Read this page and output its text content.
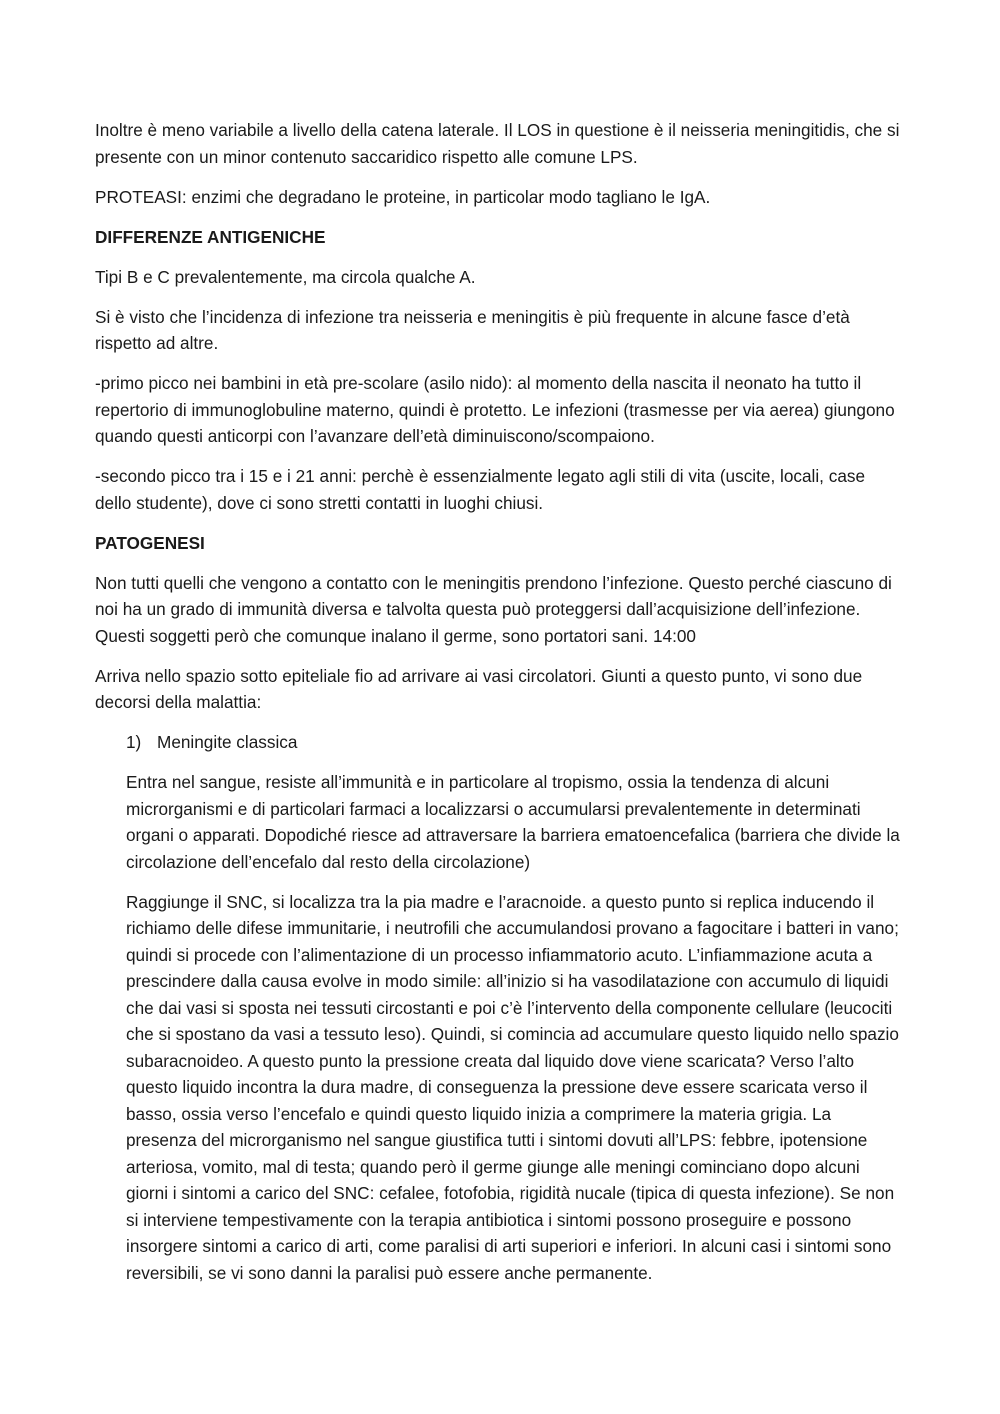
Inoltre è meno variabile a livello della catena laterale. Il LOS in questione è il neisseria meningitidis, che si presente con un minor contenuto saccaridico rispetto alle comune LPS.

PROTEASI: enzimi che degradano le proteine, in particolar modo tagliano le IgA.

DIFFERENZE ANTIGENICHE

Tipi B e C prevalentemente, ma circola qualche A.

Si è visto che l’incidenza di infezione tra neisseria e meningitis è più frequente in alcune fasce d’età rispetto ad altre.

-primo picco nei bambini in età pre-scolare (asilo nido): al momento della nascita il neonato ha tutto il repertorio di immunoglobuline materno, quindi è protetto. Le infezioni (trasmesse per via aerea) giungono quando questi anticorpi con l’avanzare dell’età diminuiscono/scompaiono.

-secondo picco tra i 15 e i 21 anni: perchè è essenzialmente legato agli stili di vita (uscite, locali, case dello studente), dove ci sono stretti contatti in luoghi chiusi.

PATOGENESI

Non tutti quelli che vengono a contatto con le meningitis prendono l’infezione. Questo perché ciascuno di noi ha un grado di immunità diversa e talvolta questa può proteggersi dall’acquisizione dell’infezione. Questi soggetti però che comunque inalano il germe, sono portatori sani. 14:00

Arriva nello spazio sotto epiteliale fio ad arrivare ai vasi circolatori. Giunti a questo punto, vi sono due decorsi della malattia:

1) Meningite classica

Entra nel sangue, resiste all’immunità e in particolare al tropismo, ossia la tendenza di alcuni microrganismi e di particolari farmaci a localizzarsi o accumularsi prevalentemente in determinati organi o apparati. Dopodiché riesce ad attraversare la barriera ematoencefalica (barriera che divide la circolazione dell’encefalo dal resto della circolazione)

Raggiunge il SNC, si localizza tra la pia madre e l’aracnoide. a questo punto si replica inducendo il richiamo delle difese immunitarie, i neutrofili che accumulandosi provano a fagocitare i batteri in vano; quindi si procede con l’alimentazione di un processo infiammatorio acuto. L’infiammazione acuta a prescindere dalla causa evolve in modo simile: all’inizio si ha vasodilatazione con accumulo di liquidi che dai vasi si sposta nei tessuti circostanti e poi c’è l’intervento della componente cellulare (leucociti che si spostano da vasi a tessuto leso). Quindi, si comincia ad accumulare questo liquido nello spazio subaracnoideo. A questo punto la pressione creata dal liquido dove viene scaricata? Verso l’alto questo liquido incontra la dura madre, di conseguenza la pressione deve essere scaricata verso il basso, ossia verso l’encefalo e quindi questo liquido inizia a comprimere la materia grigia. La presenza del microrganismo nel sangue giustifica tutti i sintomi dovuti all’LPS: febbre, ipotensione arteriosa, vomito, mal di testa; quando però il germe giunge alle meningi cominciano dopo alcuni giorni i sintomi a carico del SNC: cefalee, fotofobia, rigidità nucale (tipica di questa infezione). Se non si interviene tempestivamente con la terapia antibiotica i sintomi possono proseguire e possono insorgere sintomi a carico di arti, come paralisi di arti superiori e inferiori. In alcuni casi i sintomi sono reversibili, se vi sono danni la paralisi può essere anche permanente.
